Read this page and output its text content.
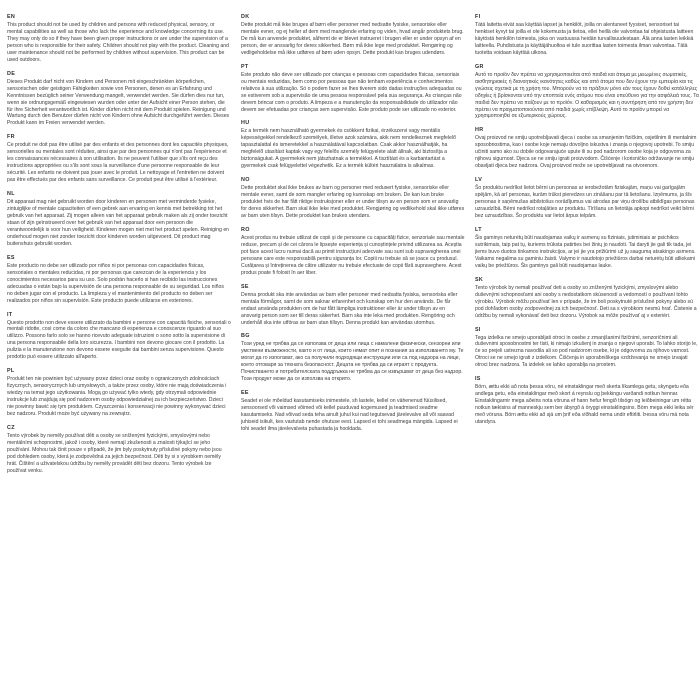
EN

This product should not be used by children and persons with reduced physical, sensory, or mental capabilities as well as those who lack the experience and knowledge concerning its use. They may only do so if they have been given proper instructions or are under the supervision of a person who is responsible for their safety. Children should not play with the product. Cleaning and user maintenance should not be performed by children without supervision. This product can be used outdoors.

DE

Dieses Produkt darf nicht von Kindern und Personen mit eingeschränkten körperlichen, sensorischen oder geistigen Fähigkeiten sowie von Personen, denen es an Erfahrung und Kenntnissen bezüglich seiner Verwendung mangelt, verwendet werden. Sie dürfen dies nur tun, wenn sie ordnungsgemäß eingewiesen wurden oder unter der Aufsicht einer Person stehen, die für ihre Sicherheit verantwortlich ist. Kinder dürfen nicht mit dem Produkt spielen. Reinigung und Wartung durch den Benutzer dürfen nicht von Kindern ohne Aufsicht durchgeführt werden. Dieses Produkt kann im Freien verwendet werden.

FR

Ce produit ne doit pas être utilisé par des enfants et des personnes dont les capacités physiques, sensorielles ou mentales sont réduites, ainsi que par des personnes qui n'ont pas l'expérience et les connaissances nécessaires à son utilisation. Ils ne peuvent l'utiliser que s'ils ont reçu des instructions appropriées ou s'ils sont sous la surveillance d'une personne responsable de leur sécurité. Les enfants ne doivent pas jouer avec le produit. Le nettoyage et l'entretien ne doivent pas être effectués par des enfants sans surveillance. Ce produit peut être utilisé à l'extérieur.

NL

Dit apparaat mag niet gebruikt worden door kinderen en personen met verminderde fysieke, zintuiglijke of mentale capaciteiten of een gebrek aan ervaring en kennis met betrekking tot het gebruik van het apparaat. Zij mogen alleen van het apparaat gebruik maken als zij onder toezicht staan of zijn geïnstrueerd over het gebruik van het apparaat door een persoon die verantwoordelijk is voor hun veiligheid. Kinderen mogen niet met het product spelen. Reiniging en onderhoud mogen niet zonder toezicht door kinderen worden uitgevoerd. Dit product mag buitenshuis gebruikt worden.

ES

Este producto no debe ser utilizado por niños ni por personas con capacidades físicas, sensoriales o mentales reducidas, ni por personas que carezcan de la experiencia y los conocimientos necesarios para su uso. Solo podrán hacerlo si han recibido las instrucciones adecuadas o están bajo la supervisión de una persona responsable de su seguridad. Los niños no deben jugar con el producto. La limpieza y el mantenimiento del producto no deben ser realizados por niños sin supervisión. Este producto puede utilizarse en exteriores.

IT

Questo prodotto non deve essere utilizzato da bambini e persone con capacità fisiche, sensoriali o mentali ridotte, così come da coloro che mancano di esperienza e conoscenze riguardo al suo utilizzo. Possono farlo solo se hanno ricevuto adeguate istruzioni o sono sotto la supervisione di una persona responsabile della loro sicurezza. I bambini non devono giocare con il prodotto. La pulizia e la manutenzione non devono essere eseguite dai bambini senza supervisione. Questo prodotto può essere utilizzato all'aperto.

PL

Produkt ten nie powinien być używany przez dzieci oraz osoby o ograniczonych zdolnościach fizycznych, sensorycznych lub umysłowych, a także przez osoby, które nie mają doświadczenia i wiedzy na temat jego użytkowania. Mogą go używać tylko wtedy, gdy otrzymali odpowiednie instrukcje lub znajdują się pod nadzorem osoby odpowiedzialnej za ich bezpieczeństwo. Dzieci nie powinny bawić się tym produktem. Czyszczenia i konserwacji nie powinny wykonywać dzieci bez nadzoru. Produkt może być używany na zewnątrz.

CZ

Tento výrobek by neměly používat děti a osoby se sníženými fyzickými, smyslovými nebo mentálními schopnostmi, jakož i osoby, které nemají zkušenosti a znalosti týkající se jeho používání. Mohou tak činit pouze v případě, že jim byly poskytnuty příslušné pokyny nebo jsou pod dohledem osoby, která je zodpovědná za jejich bezpečnost. Děti by si s výrobkem neměly hrát. Čištění a uživatelskou údržbu by neměly provádět děti bez dozoru. Tento výrobek lze používat venku.

DK

Dette produkt må ikke bruges af børn eller personer med nedsatte fysiske, sensoriske eller mentale evner, og ej heller af dem med manglende erfaring og viden, hvad angår produktets brug. De må kun anvende produktet, såfremt de er blevet instrueret i brugen eller er under opsyn af en person, der er ansvarlig for deres sikkerhed. Børn må ikke lege med produktet. Rengøring og vedligeholdelse må ikke udføres af børn uden opsyn. Dette produkt kan bruges udendørs.

PT

Este produto não deve ser utilizado por crianças e pessoas com capacidades físicas, sensoriais ou mentais reduzidas, bem como por pessoas que não tenham experiência e conhecimentos relativos à sua utilização. Só o podem fazer se lhes tiverem sido dadas instruções adequadas ou se estiverem sob a supervisão de uma pessoa responsável pela sua segurança. As crianças não devem brincar com o produto. A limpeza e a manutenção da responsabilidade do utilizador não devem ser efetuadas por crianças sem supervisão. Este produto pode ser utilizado no exterior.

HU

Ez a termék nem használható gyermekek és csökkent fizikai, érzékszervi vagy mentális képességekkel rendelkező személyek, illetve azok számára, akik nem rendelkeznek megfelelő tapasztalattal és ismeretekkel a használatával kapcsolatban. Csak akkor használhatják, ha megfelelő utasítást kaptak vagy egy felelős személy felügyelete alatt állnak, aki biztosítja a biztonságukat. A gyermekek nem játszhatnak a termékkel. A tisztítást és a karbantartást a gyermekek csak felügyelettel végezhetik. Ez a termék kültéri használatra is alkalmas.

NO

Dette produktet skal ikke brukes av barn og personer med redusert fysiske, sensoriske eller mentale evner, samt de som mangler erfaring og kunnskap om bruken. De kan kun bruke produktet hvis de har fått riktige instruksjoner eller er under tilsyn av en person som er ansvarlig for deres sikkerhet. Barn skal ikke leke med produktet. Rengjøring og vedlikehold skal ikke utføres av barn uten tilsyn. Dette produktet kan brukes utendørs.

RO

Acest produs nu trebuie utilizat de copii și de persoane cu capacități fizice, senzoriale sau mentale reduse, precum și de cei cărora le lipsește experiența și cunoștințele privind utilizarea sa. Aceștia pot face acest lucru numai dacă au primit instrucțiuni adecvate sau sunt sub supravegherea unei persoane care este responsabilă pentru siguranța lor. Copiii nu trebuie să se joace cu produsul. Curățarea și întreținerea de către utilizator nu trebuie efectuate de copii fără supraveghere. Acest produs poate fi folosit în aer liber.

SE

Denna produkt ska inte användas av barn eller personer med nedsatta fysiska, sensoriska eller mentala förmågor, samt de som saknar erfarenhet och kunskap om hur den används. De får endast använda produkten om de har fått lämpliga instruktioner eller är under tillsyn av en ansvarig person som ser till deras säkerhet. Barn ska inte leka med produkten. Rengöring och underhåll ska inte utföras av barn utan tillsyn. Denna produkt kan användas utomhus.

BG

Този уред не трябва да се използва от деца или лица с намалени физически, сензорни или умствени възможности, както и от лица, които нямат опит и познания за използването му. Те могат да го използват, ако са получили подходящи инструкции или са под надзора на лице, което отговаря за тяхната безопасност. Децата не трябва да си играят с продукта. Почистването и потребителската поддръжка не трябва да се извършват от деца без надзор. Този продукт може да се използва на открито.

EE

Seadet ei ole mõeldud kasutamiseks inimestele, sh lastele, kellel on vähenenud füüsilised, sensoorsed või vaimsed võimed või kellel puuduvad kogemused ja teadmised seadme kasutamiseks. Nad võivad seda teha ainult juhul kui nad tegutsevad järelevalve all või saavad juhiseid isikult, kes vastutab nende ohutuse eest. Lapsed ei tohi seadmega mängida. Lapsed ei tohi seadet ilma järelevalveta puhastada ja hooldada.

FI

Tätä laitetta eivät saa käyttää lapset ja henkilöt, joilla on alentuneet fyysiset, sensoriset tai henkiset kyvyt tai joilla ei ole kokemusta ja tietoa, ellei heillä ole valvontaa tai ohjeistusta laitteen käytöstä henkilön toimesta, joka on vastuussa heidän turvallisuudestaan. Älä anna lasten leikkiä laitteella. Puhdistusta ja käyttäjähuoltoa ei tule suorittaa lasten toimesta ilman valvontaa. Tätä tuotetta voidaan käyttää ulkona.

GR

Αυτό το προϊόν δεν πρέπει να χρησιμοποιείται από παιδιά και άτομα με μειωμένες σωματικές, αισθητηριακές ή διανοητικές ικανότητες καθώς και από άτομα που δεν έχουν την εμπειρία και τις γνώσεις σχετικά με τη χρήση του. Μπορούν να το πράξουν μόνο εάν τους έχουν δοθεί κατάλληλες οδηγίες ή βρίσκονται υπό την εποπτεία ενός ατόμου που είναι υπεύθυνο για την ασφάλειά τους. Τα παιδιά δεν πρέπει να παίζουν με το προϊόν. Ο καθαρισμός και η συντήρηση από τον χρήστη δεν πρέπει να πραγματοποιούνται από παιδιά χωρίς επίβλεψη. Αυτό το προϊόν μπορεί να χρησιμοποιηθεί σε εξωτερικούς χώρους.

HR

Ovaj proizvod ne smiju upotrebljavati djeca i osobe sa smanjenim fizičkim, osjetilnim ili mentalnim sposobnostima, kao i osobe koje nemaju dovoljno iskustva i znanja o njegovoj upotrebi. To smiju učiniti samo ako su dobile odgovarajuće upute ili su pod nadzorom osobe koja je odgovorna za njihovu sigurnost. Djeca se ne smiju igrati proizvodom. Čišćenje i korisničko održavanje ne smiju obavljati djeca bez nadzora. Ovaj proizvod može se upotrebljavati na otvorenom.

LV

Šo produktu nedrīkst lietot bērni un personas ar ierobežotām fiziskajām, maņu vai garīgajām spējām, kā arī personas, kurām trūkst pieredzes un zināšanu par tā lietošanu. Izņēmums, ja šīs personas ir saņēmušas atbilstošus norādījumus vai atrodas par viņu drošību atbildīgas personas uzraudzībā. Bērni nedrīkst rotaļāties ar produktu. Tīrīšanu un lietotāja apkopi nedrīkst veikt bērni bez uzraudzības. Šo produktu var lietot ārpus telpām.

LT

Šis gaminys neturėtų būti naudojamas vaikų ir asmenų su fiziniais, jutiminiais ar psichikos sutrikimais, taip pat tų, kuriems trūksta patirties bei žinių jo naudoti. Tai daryti jie gali tik tada, jei jiems buvo duotos tinkamos instrukcijos, ar jei jie yra prižiūrimi už jų saugumą atsakingo asmens. Vaikams negalima su gaminiu žaisti. Valymo ir naudotojo priežiūros darbai neturėtų būti atliekami vaikų be priežiūros. Šis gaminys gali būti naudojamas lauke.

SK

Tento výrobok by nemali používať deti a osoby so zníženými fyzickými, zmyslovými alebo duševnými schopnosťami ani osoby s nedostatkom skúseností a vedomostí o používaní tohto výrobku. Výrobok môžu používať len v prípade, že im boli poskytnuté príslušné pokyny alebo sú pod dohľadom osoby zodpovednej za ich bezpečnosť. Deti sa s výrobkom nesmú hrať. Čistenie a údržbu by nemali vykonávať deti bez dozoru. Výrobok sa môže používať aj v exteriéri.

SI

Tega izdelka ne smejo uporabljati otroci in osebe z zmanjšanimi fizičnimi, senzoričnimi ali duševnimi sposobnostmi ter tisti, ki nimajo izkušenj in znanja o njegovi uporabi. To lahko storijo le, če so prejeli ustrezna navodila ali so pod nadzorom osebe, ki je odgovorna za njihovo varnost. Otroci se ne smejo igrati z izdelkom. Čiščenja in uporabniškega vzdrževanja ne smejo izvajati otroci brez nadzora. Ta izdelek se lahko uporablja na prostem.

IS

Börn, ættu ekki að nota þessa vöru, né einstaklingar með skerta líkamlega getu, skyngetu eða andlega getu, eða einstaklingar með skort á reynslu og þekkingu varðandi notkun hennar. Einstaklingarnir mega aðeins nota vöruna ef hann hefur fengið tilsögn og leiðbeiningar um rétta notkun tækisins af manneskju sem ber ábyrgð á öryggi einstaklingsins. Börn mega ekki leika sér með vöruna. Börn ættu ekki að sjá um þrif eða viðhald nema undir eftirliti. Þessa vöru má nota utandyra.
